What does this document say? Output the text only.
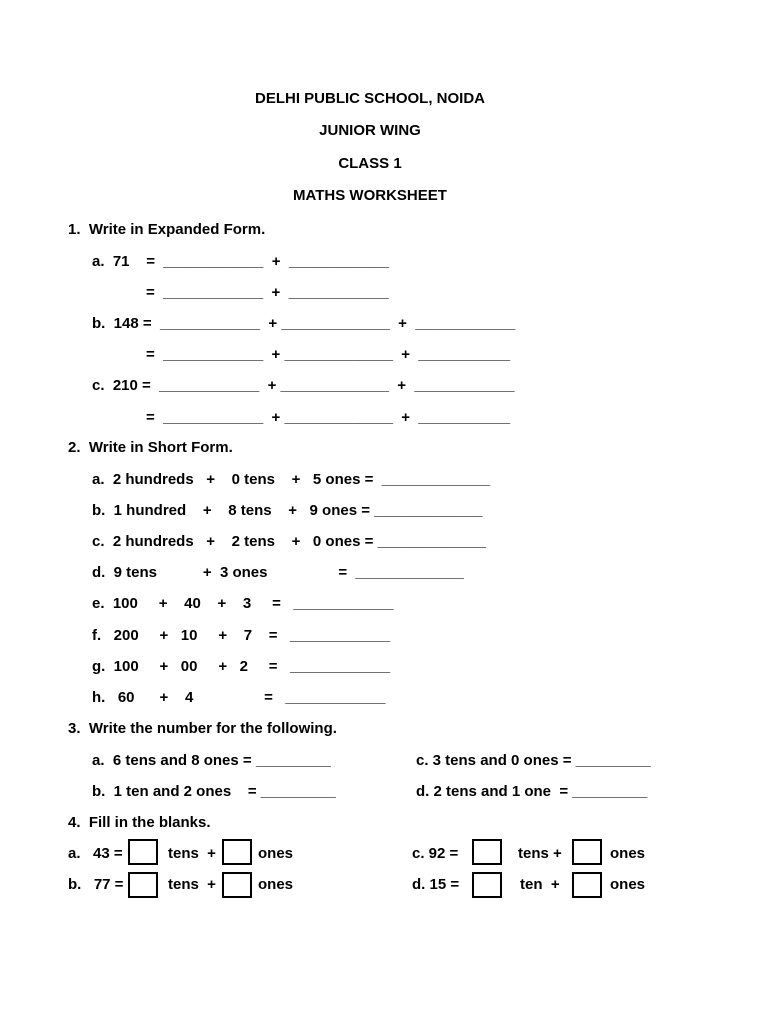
DELHI PUBLIC SCHOOL, NOIDA
JUNIOR WING
CLASS 1
MATHS WORKSHEET
1.  Write in Expanded Form.
a.  71    =  ____________  +  ____________
=  ____________  +  ____________
b.  148 =  ____________  + _____________  +  ____________
=  ____________  + _____________  +  ___________
c.  210 =  ____________  + _____________  +  ____________
=  ____________  + _____________  +  ___________
2.  Write in Short Form.
a.  2 hundreds   +    0 tens    +   5 ones =  _____________
b.  1 hundred    +    8 tens    +   9 ones = _____________
c.  2 hundreds   +    2 tens    +   0 ones = _____________
d.  9 tens           +  3 ones                 =  _____________
e.  100     +    40    +    3     =   ____________
f.   200     +   10     +    7    =   ____________
g.  100     +   00     +   2     =   ____________
h.   60      +    4                 =   ____________
3.  Write the number for the following.
a.  6 tens and 8 ones = _________
b.  1 ten and 2 ones    = _________
c. 3 tens and 0 ones = _________
d. 2 tens and 1 one  = _________
4.  Fill in the blanks.
a.   43 =	tens  +	ones
b.   77 =	tens  +	ones
c. 92 =	tens +	ones
d. 15 =	ten  +	ones
